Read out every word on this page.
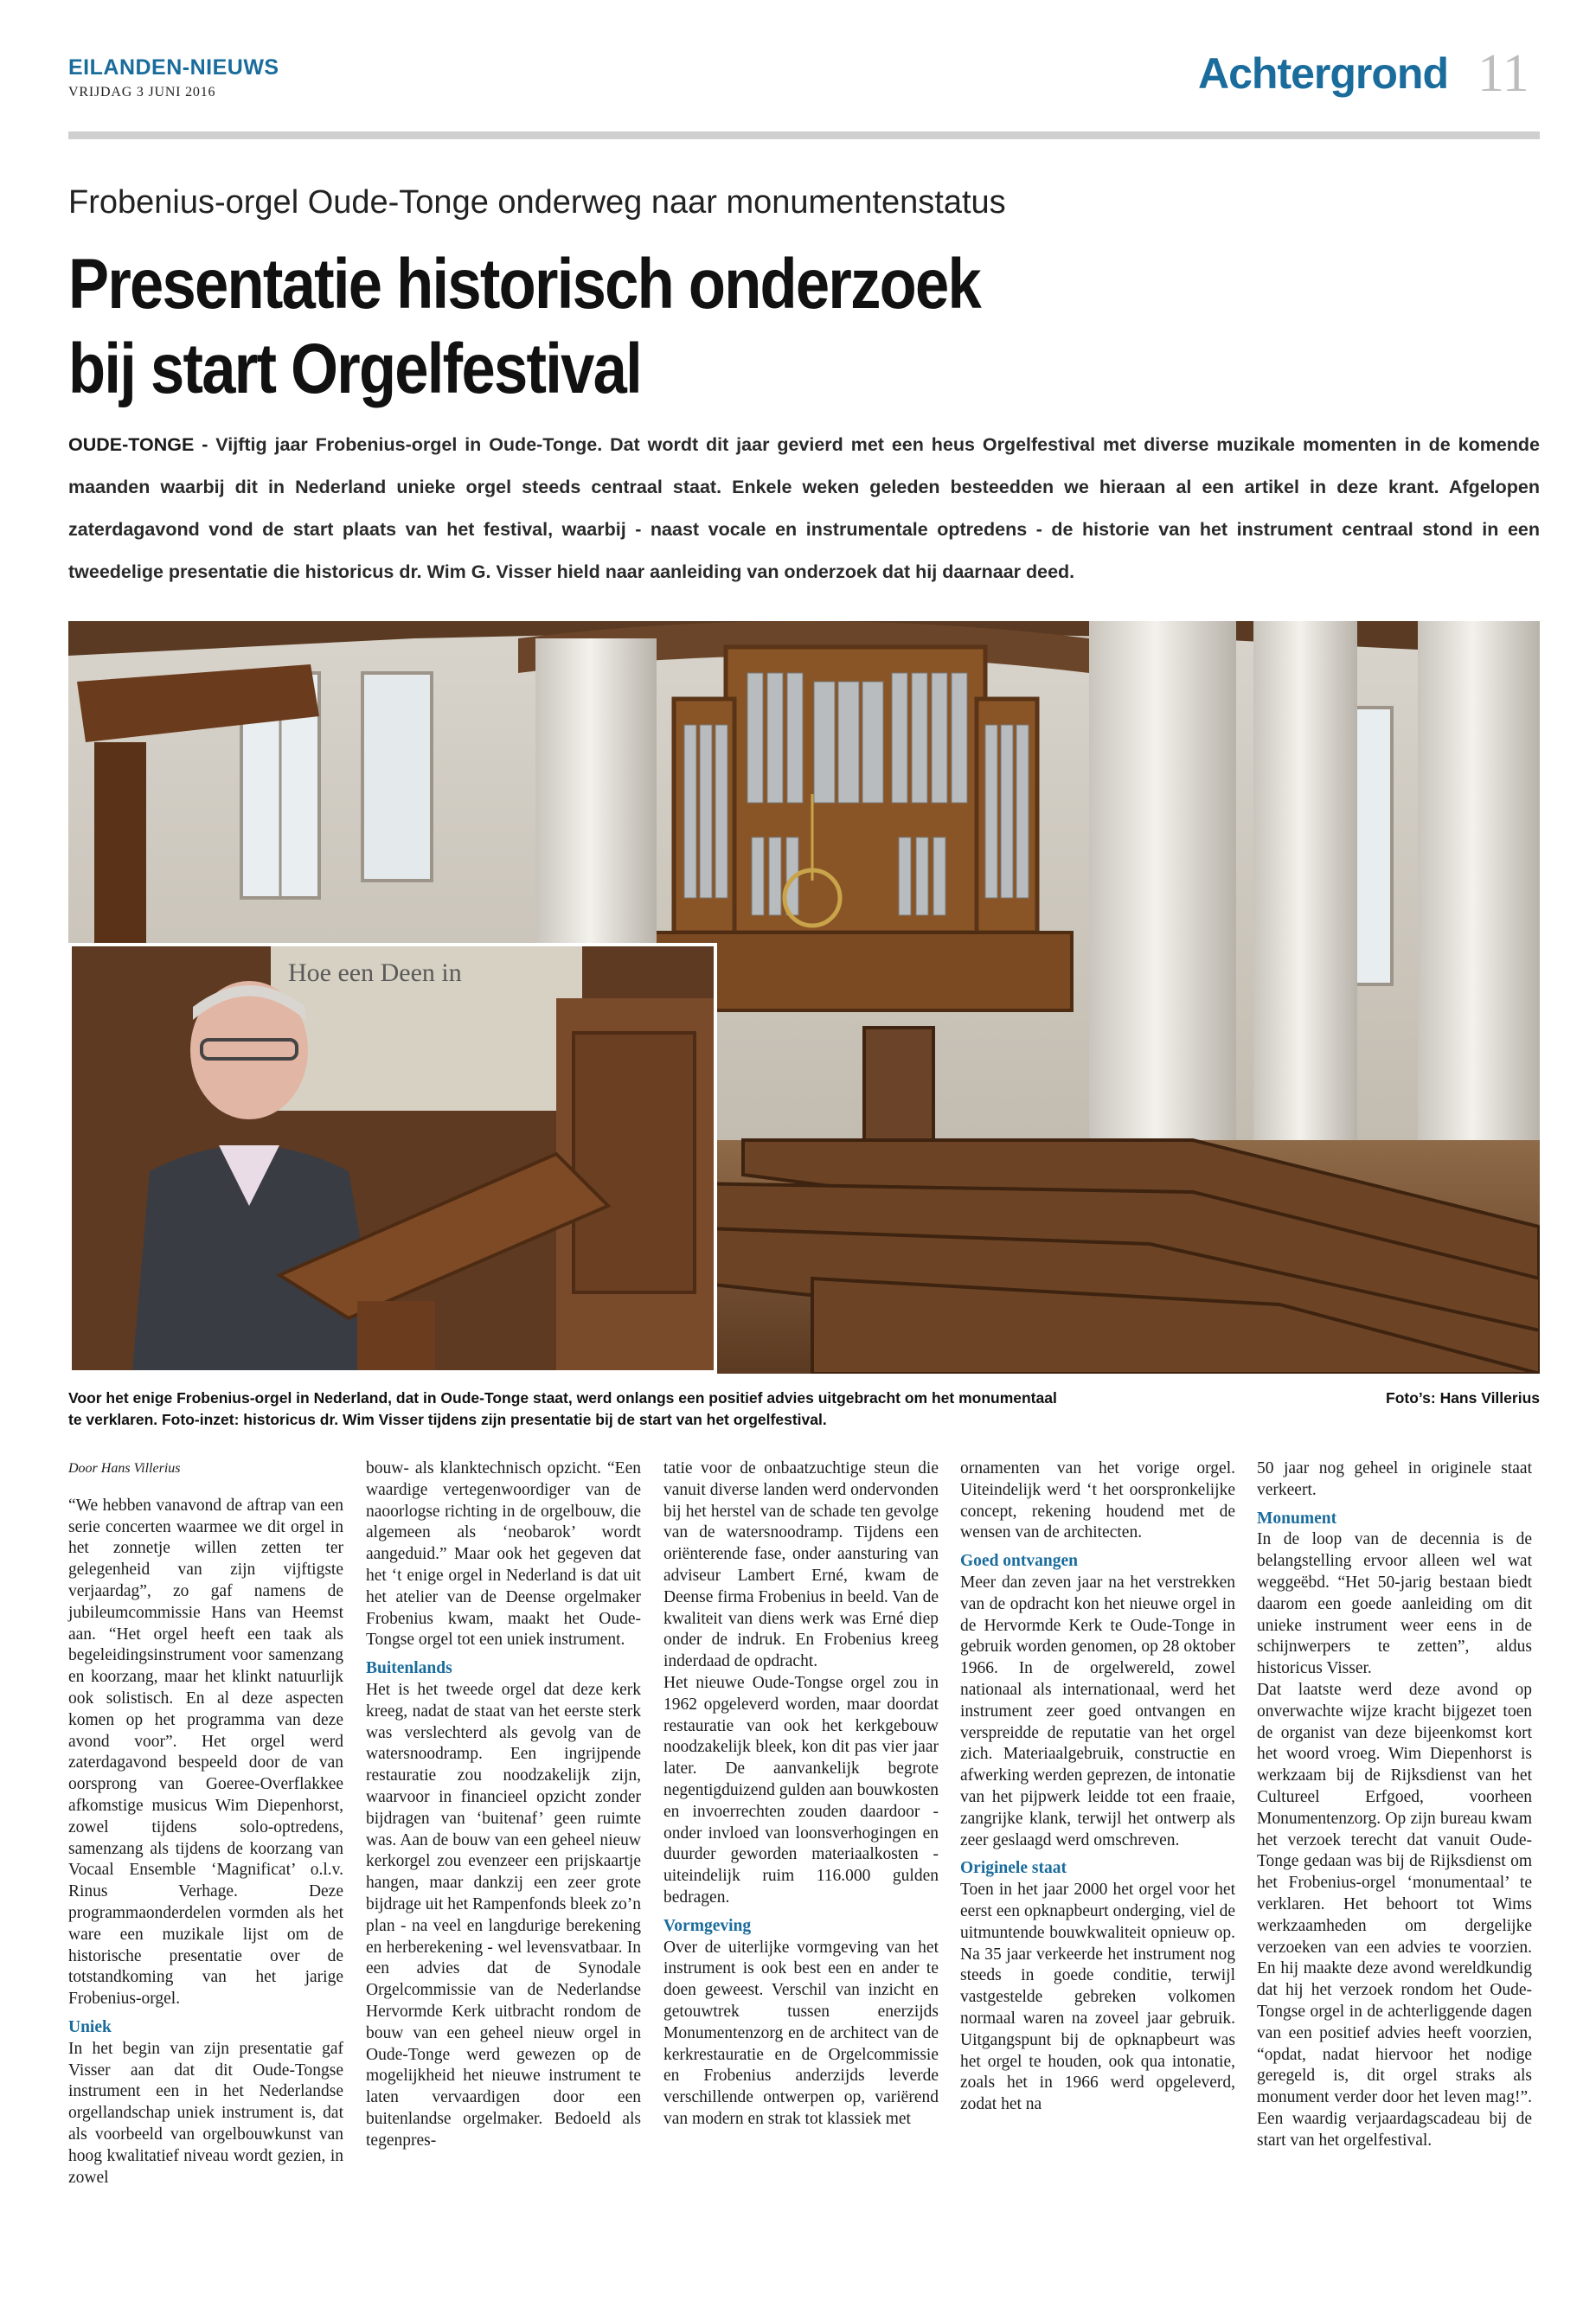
EILANDEN-NIEUWS
VRIJDAG 3 JUNI 2016	Achtergrond 11
Frobenius-orgel Oude-Tonge onderweg naar monumentenstatus
Presentatie historisch onderzoek
bij start Orgelfestival
OUDE-TONGE - Vijftig jaar Frobenius-orgel in Oude-Tonge. Dat wordt dit jaar gevierd met een heus Orgelfestival met diverse muzikale momenten in de komende maanden waarbij dit in Nederland unieke orgel steeds centraal staat. Enkele weken geleden besteedden we hieraan al een artikel in deze krant. Afgelopen zaterdagavond vond de start plaats van het festival, waarbij - naast vocale en instrumentale optredens - de historie van het instrument centraal stond in een tweedelige presentatie die historicus dr. Wim G. Visser hield naar aanleiding van onderzoek dat hij daarnaar deed.
Hoe een Deen in
Voor het enige Frobenius-orgel in Nederland, dat in Oude-Tonge staat, werd onlangs een positief advies uitgebracht om het monumentaal te verklaren. Foto-inzet: historicus dr. Wim Visser tijdens zijn presentatie bij de start van het orgelfestival.
Foto’s: Hans Villerius

Door Hans Villerius

“We hebben vanavond de aftrap van een serie concerten waarmee we dit orgel in het zonnetje willen zetten ter gelegenheid van zijn vijftigste verjaardag”, zo gaf namens de jubileumcommissie Hans van Heemst aan. “Het orgel heeft een taak als begeleidingsinstrument voor samenzang en koorzang, maar het klinkt natuurlijk ook solistisch. En al deze aspecten komen op het programma van deze avond voor”. Het orgel werd zaterdagavond bespeeld door de van oorsprong van Goeree-Overflakkee afkomstige musicus Wim Diepenhorst, zowel tijdens solo-optredens, samenzang als tijdens de koorzang van Vocaal Ensemble ‘Magnificat’ o.l.v. Rinus Verhage. Deze programmaonderdelen vormden als het ware een muzikale lijst om de historische presentatie over de totstandkoming van het jarige Frobenius-orgel.

Uniek

In het begin van zijn presentatie gaf Visser aan dat dit Oude-Tongse instrument een in het Nederlandse orgellandschap uniek instrument is, dat als voorbeeld van orgelbouwkunst van hoog kwalitatief niveau wordt gezien, in zowel

bouw- als klanktechnisch opzicht. “Een waardige vertegenwoordiger van de naoorlogse richting in de orgelbouw, die algemeen als ‘neobarok’ wordt aangeduid.” Maar ook het gegeven dat het ‘t enige orgel in Nederland is dat uit het atelier van de Deense orgelmaker Frobenius kwam, maakt het Oude-Tongse orgel tot een uniek instrument.

Buitenlands

Het is het tweede orgel dat deze kerk kreeg, nadat de staat van het eerste sterk was verslechterd als gevolg van de watersnoodramp. Een ingrijpende restauratie zou noodzakelijk zijn, waarvoor in financieel opzicht zonder bijdragen van ‘buitenaf’ geen ruimte was. Aan de bouw van een geheel nieuw kerkorgel zou evenzeer een prijskaartje hangen, maar dankzij een zeer grote bijdrage uit het Rampenfonds bleek zo’n plan - na veel en langdurige berekening en herberekening - wel levensvatbaar. In een advies dat de Synodale Orgelcommissie van de Nederlandse Hervormde Kerk uitbracht rondom de bouw van een geheel nieuw orgel in Oude-Tonge werd gewezen op de mogelijkheid het nieuwe instrument te laten vervaardigen door een buitenlandse orgelmaker. Bedoeld als tegenpres-

tatie voor de onbaatzuchtige steun die vanuit diverse landen werd ondervonden bij het herstel van de schade ten gevolge van de watersnoodramp. Tijdens een oriënterende fase, onder aansturing van adviseur Lambert Erné, kwam de Deense firma Frobenius in beeld. Van de kwaliteit van diens werk was Erné diep onder de indruk. En Frobenius kreeg inderdaad de opdracht.

Het nieuwe Oude-Tongse orgel zou in 1962 opgeleverd worden, maar doordat restauratie van ook het kerkgebouw noodzakelijk bleek, kon dit pas vier jaar later. De aanvankelijk begrote negentigduizend gulden aan bouwkosten en invoerrechten zouden daardoor - onder invloed van loonsverhogingen en duurder geworden materiaalkosten - uiteindelijk ruim 116.000 gulden bedragen.

Vormgeving

Over de uiterlijke vormgeving van het instrument is ook best een en ander te doen geweest. Verschil van inzicht en getouwtrek tussen enerzijds Monumentenzorg en de architect van de kerkrestauratie en de Orgelcommissie en Frobenius anderzijds leverde verschillende ontwerpen op, variërend van modern en strak tot klassiek met

ornamenten van het vorige orgel. Uiteindelijk werd ‘t het oorspronkelijke concept, rekening houdend met de wensen van de architecten.

Goed ontvangen

Meer dan zeven jaar na het verstrekken van de opdracht kon het nieuwe orgel in de Hervormde Kerk te Oude-Tonge in gebruik worden genomen, op 28 oktober 1966. In de orgelwereld, zowel nationaal als internationaal, werd het instrument zeer goed ontvangen en verspreidde de reputatie van het orgel zich. Materiaalgebruik, constructie en afwerking werden geprezen, de intonatie van het pijpwerk leidde tot een fraaie, zangrijke klank, terwijl het ontwerp als zeer geslaagd werd omschreven.

Originele staat

Toen in het jaar 2000 het orgel voor het eerst een opknapbeurt onderging, viel de uitmuntende bouwkwaliteit opnieuw op. Na 35 jaar verkeerde het instrument nog steeds in goede conditie, terwijl vastgestelde gebreken volkomen normaal waren na zoveel jaar gebruik. Uitgangspunt bij de opknapbeurt was het orgel te houden, ook qua intonatie, zoals het in 1966 werd opgeleverd, zodat het na

50 jaar nog geheel in originele staat verkeert.

Monument

In de loop van de decennia is de belangstelling ervoor alleen wel wat weggeëbd. “Het 50-jarig bestaan biedt daarom een goede aanleiding om dit unieke instrument weer eens in de schijnwerpers te zetten”, aldus historicus Visser.

Dat laatste werd deze avond op onverwachte wijze kracht bijgezet toen de organist van deze bijeenkomst kort het woord vroeg. Wim Diepenhorst is werkzaam bij de Rijksdienst van het Cultureel Erfgoed, voorheen Monumentenzorg. Op zijn bureau kwam het verzoek terecht dat vanuit Oude-Tonge gedaan was bij de Rijksdienst om het Frobenius-orgel ‘monumentaal’ te verklaren. Het behoort tot Wims werkzaamheden om dergelijke verzoeken van een advies te voorzien. En hij maakte deze avond wereldkundig dat hij het verzoek rondom het Oude-Tongse orgel in de achterliggende dagen van een positief advies heeft voorzien, “opdat, nadat hiervoor het nodige geregeld is, dit orgel straks als monument verder door het leven mag!”. Een waardig verjaardagscadeau bij de start van het orgelfestival.
